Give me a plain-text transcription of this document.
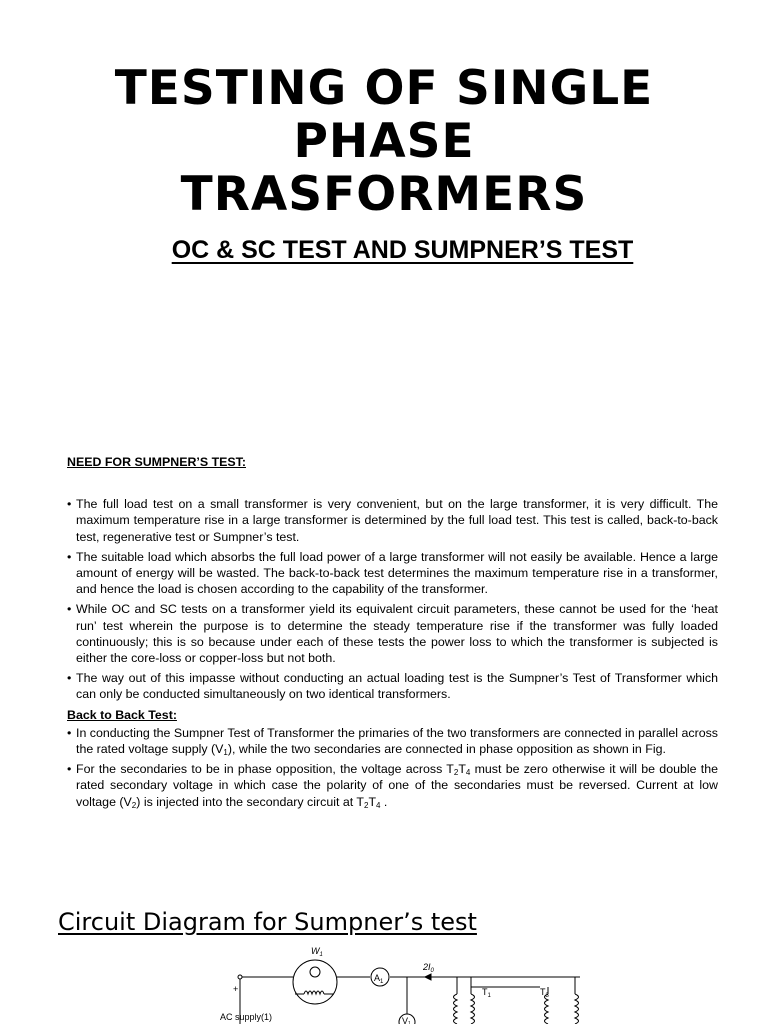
TESTING OF SINGLE
PHASE
TRASFORMERS
OC & SC TEST AND SUMPNER’S TEST

NEED FOR SUMPNER’S TEST:

• The full load test on a small transformer is very convenient, but on the large transformer, it is very difficult. The maximum temperature rise in a large transformer is determined by the full load test. This test is called, back-to-back test, regenerative test or Sumpner’s test.
• The suitable load which absorbs the full load power of a large transformer will not easily be available. Hence a large amount of energy will be wasted. The back-to-back test determines the maximum temperature rise in a transformer, and hence the load is chosen according to the capability of the transformer.
• While OC and SC tests on a transformer yield its equivalent circuit parameters, these cannot be used for the ‘heat run’ test wherein the purpose is to determine the steady temperature rise if the transformer was fully loaded continuously; this is so because under each of these tests the power loss to which the transformer is subjected is either the core-loss or copper-loss but not both.
• The way out of this impasse without conducting an actual loading test is the Sumpner’s Test of Transformer which can only be conducted simultaneously on two identical transformers.

Back to Back Test:

• In conducting the Sumpner Test of Transformer the primaries of the two transformers are connected in parallel across the rated voltage supply $(V_1)$, while the two secondaries are connected in phase opposition as shown in Fig.
• For the secondaries to be in phase opposition, the voltage across $T_2T_4$ must be zero otherwise it will be double the rated secondary voltage in which case the polarity of one of the secondaries must be reversed. Current at low voltage $(V_2)$ is injected into the secondary circuit at $T_2T_4$ .
Circuit Diagram for Sumpner’s test
$W_1$
$A_1$
$2I_0$
$T_1$	$T_3$
V1
+
AC supply(1)
